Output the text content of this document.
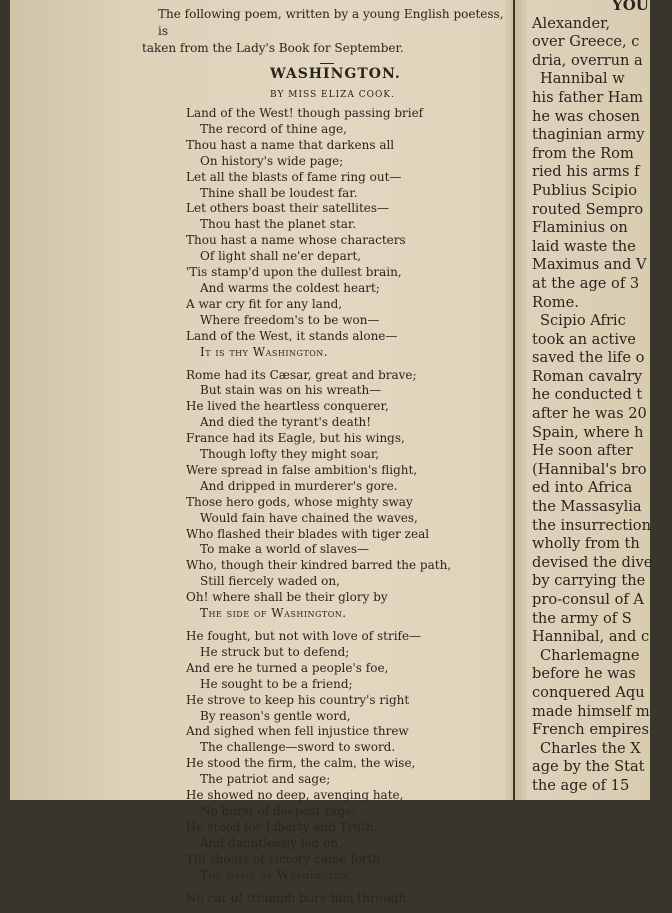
The following poem, written by a young English poetess, is
taken from the Lady's Book for September.
WASHINGTON.
BY MISS ELIZA COOK.
Land of the West! though passing brief
The record of thine age,
Thou hast a name that darkens all
On history's wide page;
Let all the blasts of fame ring out—
Thine shall be loudest far.
Let others boast their satellites—
Thou hast the planet star.
Thou hast a name whose characters
Of light shall ne'er depart,
'Tis stamp'd upon the dullest brain,
And warms the coldest heart;
A war cry fit for any land,
Where freedom's to be won—
Land of the West, it stands alone—
It is thy Washington.
Rome had its Cæsar, great and brave;
But stain was on his wreath—
He lived the heartless conquerer,
And died the tyrant's death!
France had its Eagle, but his wings,
Though lofty they might soar,
Were spread in false ambition's flight,
And dripped in murderer's gore.
Those hero gods, whose mighty sway
Would fain have chained the waves,
Who flashed their blades with tiger zeal
To make a world of slaves—
Who, though their kindred barred the path,
Still fiercely waded on,
Oh! where shall be their glory by
The side of Washington.
He fought, but not with love of strife—
He struck but to defend;
And ere he turned a people's foe,
He sought to be a friend;
He strove to keep his country's right
By reason's gentle word,
And sighed when fell injustice threw
The challenge—sword to sword.
He stood the firm, the calm, the wise,
The patriot and sage;
He showed no deep, avenging hate,
No burst of deepest rage;
He stood for Liberty and Truth,
And dauntlessly led on,
Till shouts of victory came forth
The name of Washington.
No car of triumph bore him through
YOU
Alexander,
over Greece, c
dria, overrun a
Hannibal w
his father Ham
he was chosen
thaginian army
from the Rom
ried his arms f
Publius Scipio
routed Sempro
Flaminius on
laid waste the
Maximus and V
at the age of 3
Rome.
Scipio Afric
took an active
saved the life o
Roman cavalry
he conducted t
after he was 20
Spain, where h
He soon after
(Hannibal's bro
ed into Africa
the Massasylia
the insurrection
wholly from th
devised the dive
by carrying the
pro-consul of A
the army of S
Hannibal, and c
Charlemagne
before he was
conquered Aqu
made himself m
French empires
Charles the X
age by the Stat
the age of 15
